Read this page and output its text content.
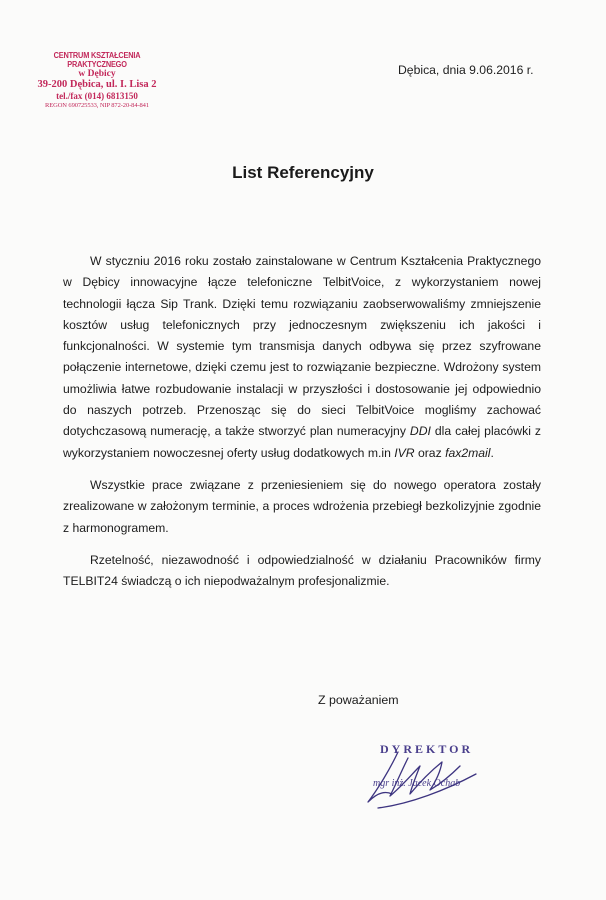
CENTRUM KSZTAŁCENIA PRAKTYCZNEGO
w Dębicy
39-200 Dębica, ul. I. Lisa 2
tel./fax (014) 6813150
REGON 690725533, NIP 872-20-84-841
Dębica, dnia 9.06.2016 r.
List Referencyjny

W styczniu 2016 roku zostało zainstalowane w Centrum Kształcenia Praktycznego w Dębicy innowacyjne łącze telefoniczne TelbitVoice, z wykorzystaniem nowej technologii łącza Sip Trank. Dzięki temu rozwiązaniu zaobserwowaliśmy zmniejszenie kosztów usług telefonicznych przy jednoczesnym zwiększeniu ich jakości i funkcjonalności. W systemie tym transmisja danych odbywa się przez szyfrowane połączenie internetowe, dzięki czemu jest to rozwiązanie bezpieczne. Wdrożony system umożliwia łatwe rozbudowanie instalacji w przyszłości i dostosowanie jej odpowiednio do naszych potrzeb. Przenosząc się do sieci TelbitVoice mogliśmy zachować dotychczasową numerację, a także stworzyć plan numeracyjny DDI dla całej placówki z wykorzystaniem nowoczesnej oferty usług dodatkowych m.in IVR oraz fax2mail.

Wszystkie prace związane z przeniesieniem się do nowego operatora zostały zrealizowane w założonym terminie, a proces wdrożenia przebiegł bezkolizyjnie zgodnie z harmonogramem.

Rzetelność, niezawodność i odpowiedzialność w działaniu Pracowników firmy TELBIT24 świadczą o ich niepodważalnym profesjonalizmie.

Z poważaniem
DYREKTOR
mgr inż. Jacek Ochab
